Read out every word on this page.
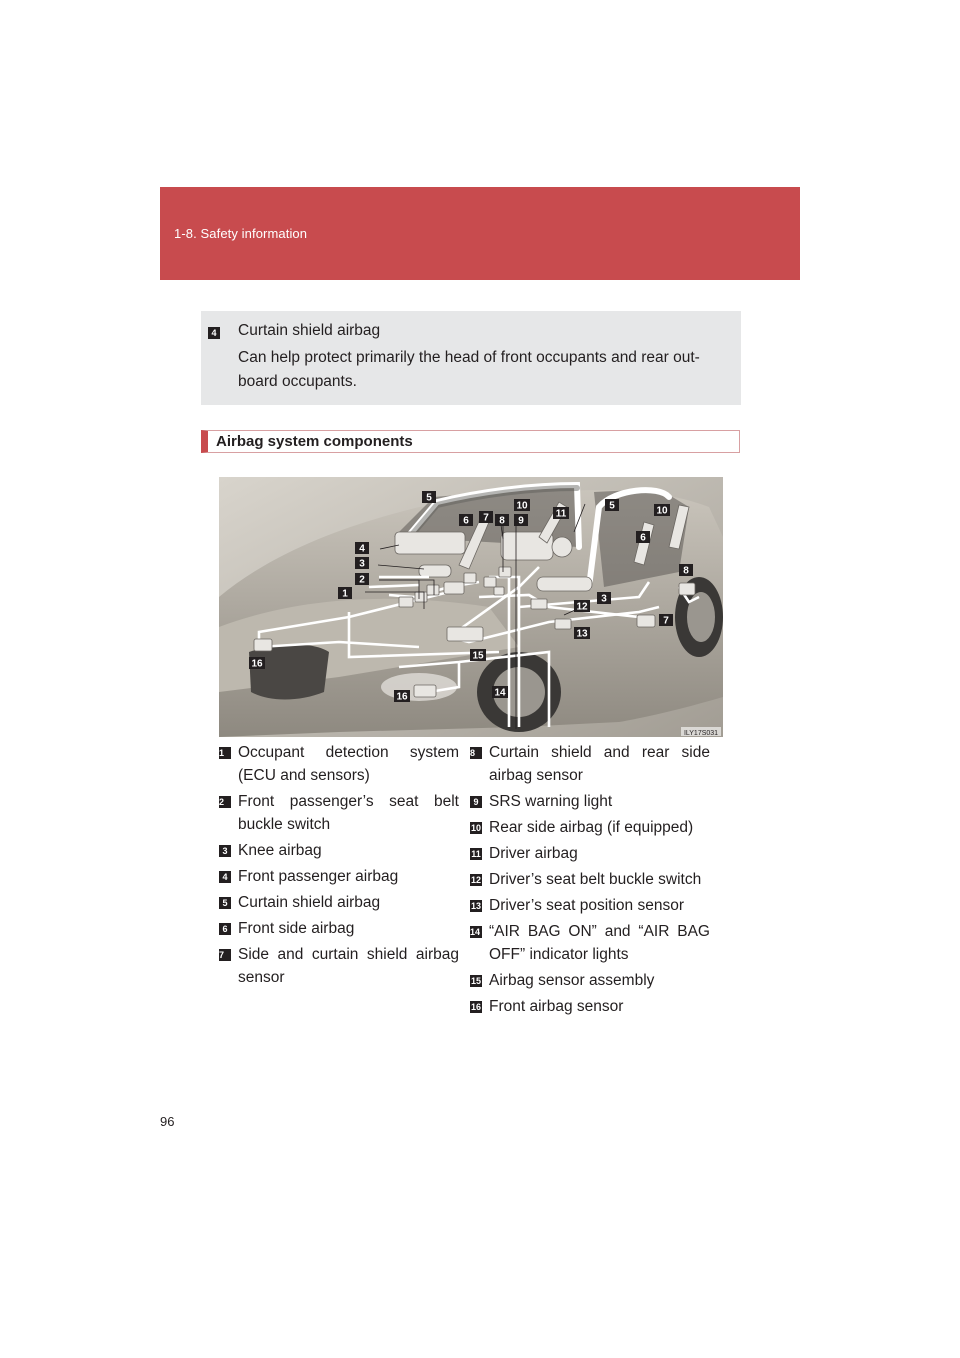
1-8. Safety information
4 Curtain shield airbag
Can help protect primarily the head of front occupants and rear out-board occupants.
Airbag system components
1
2
3
4
5
6 7 8
10
9
11
5	10
6
8
3
12
7
13
15
16
16	14
ILY17S031
1 Occupant detection system (ECU and sensors)
2 Front passenger’s seat belt buckle switch
3 Knee airbag
4 Front passenger airbag
5 Curtain shield airbag
6 Front side airbag
7 Side and curtain shield airbag sensor
8 Curtain shield and rear side airbag sensor
9 SRS warning light
10 Rear side airbag (if equipped)
11 Driver airbag
12 Driver’s seat belt buckle switch
13 Driver’s seat position sensor
14 “AIR BAG ON” and “AIR BAG OFF” indicator lights
15 Airbag sensor assembly
16 Front airbag sensor
96
